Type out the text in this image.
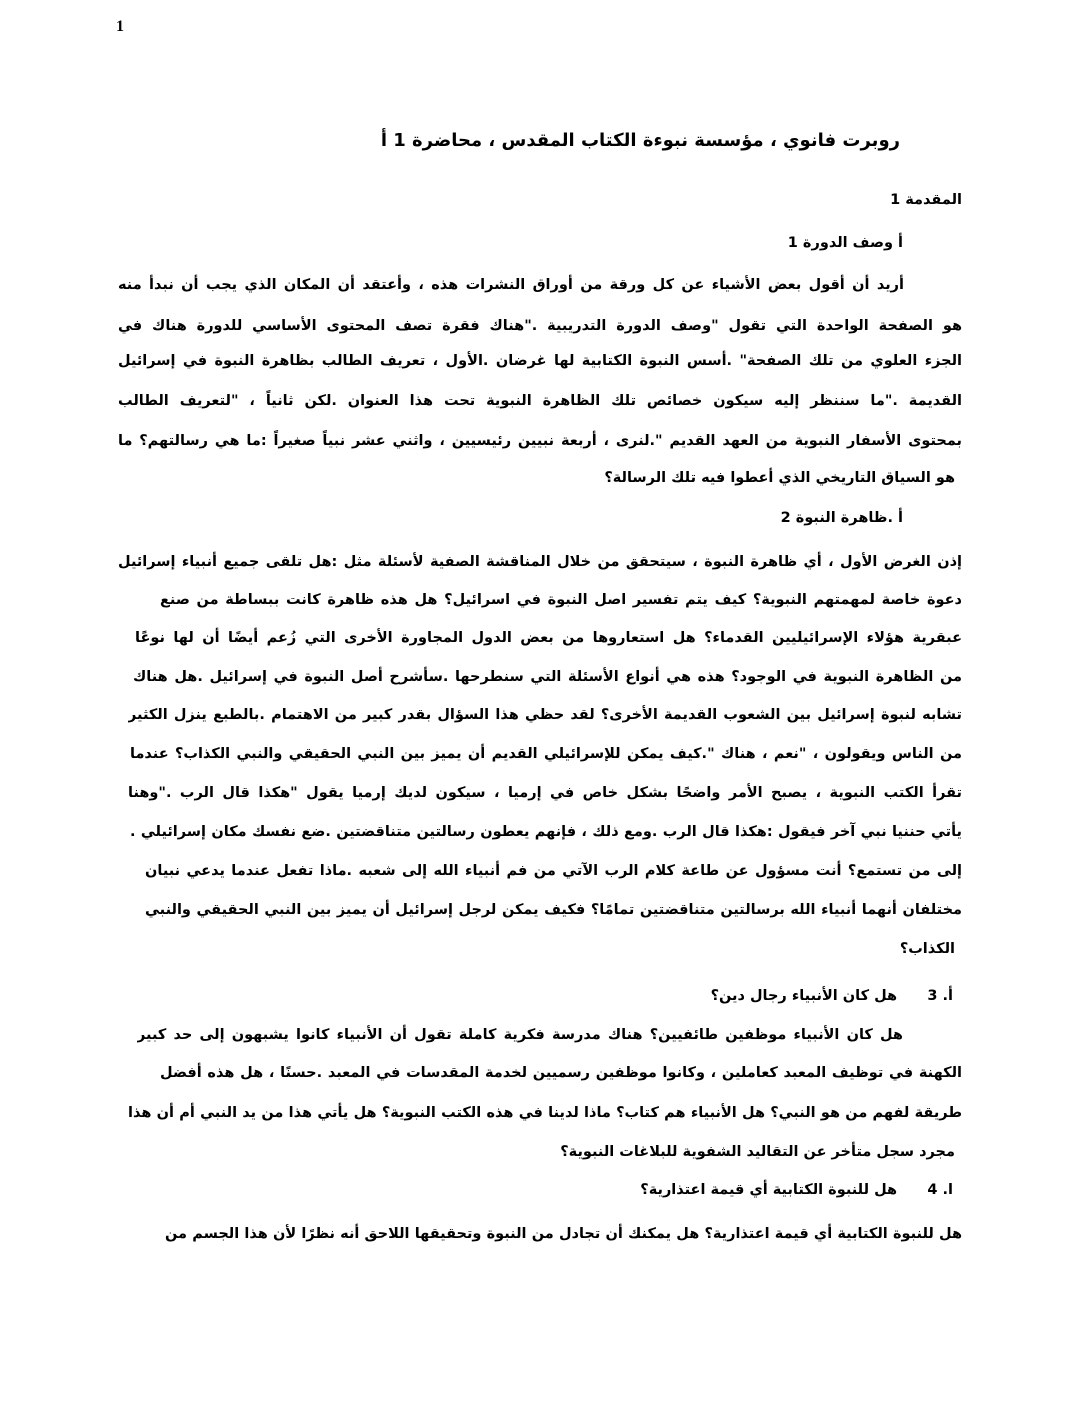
1
روبرت فانوي ، مؤسسة نبوءة الكتاب المقدس ، محاضرة 1 أ
المقدمة 1
أ وصف الدورة 1
أريد أن أقول بعض الأشياء عن كل ورقة من أوراق النشرات هذه ، وأعتقد أن المكان الذي يجب أن نبدأ منه
هو الصفحة الواحدة التي تقول "وصف الدورة التدريبية ."هناك فقرة تصف المحتوى الأساسي للدورة هناك في
الجزء العلوي من تلك الصفحة" .أسس النبوة الكتابية لها غرضان .الأول ، تعريف الطالب بظاهرة النبوة في إسرائيل
القديمة ."ما سننظر إليه سيكون خصائص تلك الظاهرة النبوية تحت هذا العنوان .لكن ثانياً ، "لتعريف الطالب
بمحتوى الأسفار النبوية من العهد القديم ".لنرى ، أربعة نبيين رئيسيين ، واثني عشر نبياً صغيراً :ما هي رسالتهم؟ ما
هو السياق التاريخي الذي أعطوا فيه تلك الرسالة؟
أ .ظاهرة النبوة 2
إذن الغرض الأول ، أي ظاهرة النبوة ، سيتحقق من خلال المناقشة الصفية لأسئلة مثل :هل تلقى جميع أنبياء إسرائيل
دعوة خاصة لمهمتهم النبوية؟ كيف يتم تفسير اصل النبوة في اسرائيل؟ هل هذه ظاهرة كانت ببساطة من صنع
عبقرية هؤلاء الإسرائيليين القدماء؟ هل استعاروها من بعض الدول المجاورة الأخرى التي زُعم أيضًا أن لها نوعًا
من الظاهرة النبوية في الوجود؟ هذه هي أنواع الأسئلة التي سنطرحها .سأشرح أصل النبوة في إسرائيل .هل هناك
تشابه لنبوة إسرائيل بين الشعوب القديمة الأخرى؟ لقد حظي هذا السؤال بقدر كبير من الاهتمام .بالطبع ينزل الكثير
من الناس ويقولون ، "نعم ، هناك ".كيف يمكن للإسرائيلي القديم أن يميز بين النبي الحقيقي والنبي الكذاب؟ عندما
تقرأ الكتب النبوية ، يصبح الأمر واضحًا بشكل خاص في إرميا ، سيكون لديك إرميا يقول "هكذا قال الرب ."وهنا
يأتي حننيا نبي آخر فيقول :هكذا قال الرب .ومع ذلك ، فإنهم يعطون رسالتين متناقضتين .ضع نفسك مكان إسرائيلي .
إلى من تستمع؟ أنت مسؤول عن طاعة كلام الرب الآتي من فم أنبياء الله إلى شعبه .ماذا تفعل عندما يدعي نبيان
مختلفان أنهما أنبياء الله برسالتين متناقضتين تمامًا؟ فكيف يمكن لرجل إسرائيل أن يميز بين النبي الحقيقي والنبي
الكذاب؟
أ. 3      هل كان الأنبياء رجال دين؟
هل كان الأنبياء موظفين طائفيين؟ هناك مدرسة فكرية كاملة تقول أن الأنبياء كانوا يشبهون إلى حد كبير
الكهنة في توظيف المعبد كعاملين ، وكانوا موظفين رسميين لخدمة المقدسات في المعبد .حسنًا ، هل هذه أفضل
طريقة لفهم من هو النبي؟ هل الأنبياء هم كتاب؟ ماذا لدينا في هذه الكتب النبوية؟ هل يأتي هذا من يد النبي أم أن هذا
مجرد سجل متأخر عن التقاليد الشفوية للبلاغات النبوية؟
ا. 4      هل للنبوة الكتابية أي قيمة اعتذارية؟
هل للنبوة الكتابية أي قيمة اعتذارية؟ هل يمكنك أن تجادل من النبوة وتحقيقها اللاحق أنه نظرًا لأن هذا الجسم من
